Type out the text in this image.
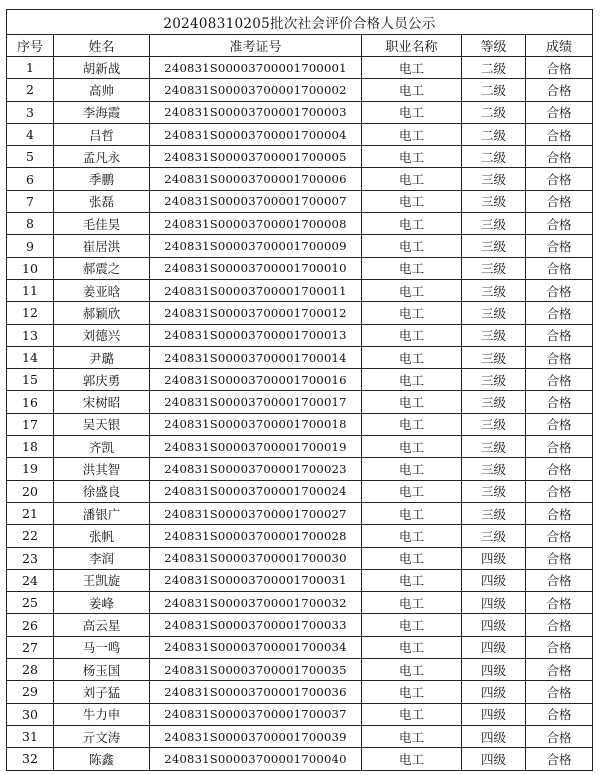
202408310205批次社会评价合格人员公示					
序号	姓名	准考证号	职业名称	等级	成绩
1	胡新战	240831S00003700001700001	电工	二级	合格
2	高帅	240831S00003700001700002	电工	二级	合格
3	李海霞	240831S00003700001700003	电工	二级	合格
4	吕哲	240831S00003700001700004	电工	二级	合格
5	孟凡永	240831S00003700001700005	电工	二级	合格
6	季鹏	240831S00003700001700006	电工	三级	合格
7	张磊	240831S00003700001700007	电工	三级	合格
8	毛佳昊	240831S00003700001700008	电工	三级	合格
9	崔居洪	240831S00003700001700009	电工	三级	合格
10	郝震之	240831S00003700001700010	电工	三级	合格
11	姜亚晗	240831S00003700001700011	电工	三级	合格
12	郝颖欣	240831S00003700001700012	电工	三级	合格
13	刘德兴	240831S00003700001700013	电工	三级	合格
14	尹璐	240831S00003700001700014	电工	三级	合格
15	郭庆勇	240831S00003700001700016	电工	三级	合格
16	宋树昭	240831S00003700001700017	电工	三级	合格
17	吴天银	240831S00003700001700018	电工	三级	合格
18	齐凯	240831S00003700001700019	电工	三级	合格
19	洪其智	240831S00003700001700023	电工	三级	合格
20	徐盛良	240831S00003700001700024	电工	三级	合格
21	潘银广	240831S00003700001700027	电工	三级	合格
22	张帆	240831S00003700001700028	电工	三级	合格
23	李润	240831S00003700001700030	电工	四级	合格
24	王凯旋	240831S00003700001700031	电工	四级	合格
25	姜峰	240831S00003700001700032	电工	四级	合格
26	高云星	240831S00003700001700033	电工	四级	合格
27	马一鸣	240831S00003700001700034	电工	四级	合格
28	杨玉国	240831S00003700001700035	电工	四级	合格
29	刘子猛	240831S00003700001700036	电工	四级	合格
30	牛力申	240831S00003700001700037	电工	四级	合格
31	亓文涛	240831S00003700001700039	电工	四级	合格
32	陈鑫	240831S00003700001700040	电工	四级	合格
